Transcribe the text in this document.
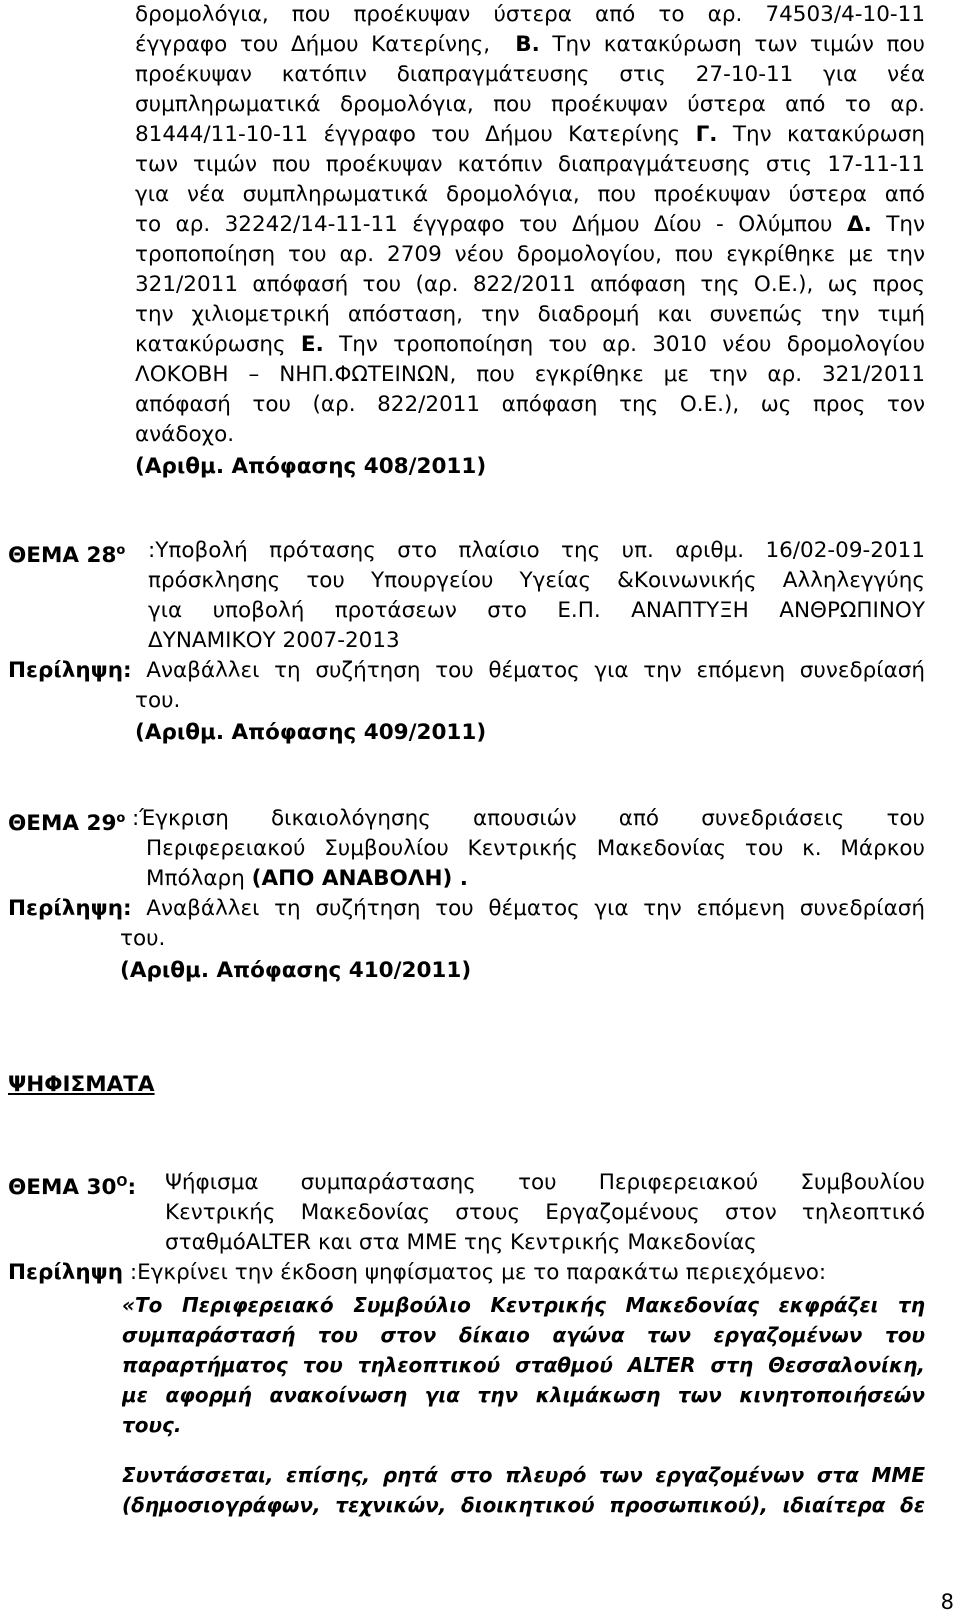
δρομολόγια, που προέκυψαν ύστερα από το αρ. 74503/4-10-11
έγγραφο του Δήμου Κατερίνης, Β. Την κατακύρωση των τιμών που
προέκυψαν κατόπιν διαπραγμάτευσης στις 27-10-11 για νέα
συμπληρωματικά δρομολόγια, που προέκυψαν ύστερα από το αρ.
81444/11-10-11 έγγραφο του Δήμου Κατερίνης Γ. Την κατακύρωση
των τιμών που προέκυψαν κατόπιν διαπραγμάτευσης στις 17-11-11
για νέα συμπληρωματικά δρομολόγια, που προέκυψαν ύστερα από
το αρ. 32242/14-11-11 έγγραφο του Δήμου Δίου - Ολύμπου Δ. Την
τροποποίηση του αρ. 2709 νέου δρομολογίου, που εγκρίθηκε με την
321/2011 απόφασή του (αρ. 822/2011 απόφαση της Ο.Ε.), ως προς
την χιλιομετρική απόσταση, την διαδρομή και συνεπώς την τιμή
κατακύρωσης Ε. Την τροποποίηση του αρ. 3010 νέου δρομολογίου
ΛΟΚΟΒΗ – ΝΗΠ.ΦΩΤΕΙΝΩΝ, που εγκρίθηκε με την αρ. 321/2011
απόφασή του (αρ. 822/2011 απόφαση της Ο.Ε.), ως προς τον
ανάδοχο.
(Αριθμ. Απόφασης 408/2011)
ΘΕΜΑ $28^o$ :Υποβολή πρότασης στο πλαίσιο της υπ. αριθμ. 16/02-09-2011
πρόσκλησης του Υπουργείου Υγείας &Κοινωνικής Αλληλεγγύης
για υποβολή προτάσεων στο Ε.Π. ΑΝΑΠΤΥΞΗ ΑΝΘΡΩΠΙΝΟΥ
ΔΥΝΑΜΙΚΟΥ 2007-2013
Περίληψη: Αναβάλλει τη συζήτηση του θέματος για την επόμενη συνεδρίασή
του.
(Αριθμ. Απόφασης 409/2011)
ΘΕΜΑ $29^o$ :Έγκριση δικαιολόγησης απουσιών από συνεδριάσεις του
Περιφερειακού Συμβουλίου Κεντρικής Μακεδονίας του κ. Μάρκου
Μπόλαρη (ΑΠΟ ΑΝΑΒΟΛΗ) .
Περίληψη: Αναβάλλει τη συζήτηση του θέματος για την επόμενη συνεδρίασή
του.
(Αριθμ. Απόφασης 410/2011)
ΨΗΦΙΣΜΑΤΑ
ΘΕΜΑ $30^O$: Ψήφισμα συμπαράστασης του Περιφερειακού Συμβουλίου
Κεντρικής Μακεδονίας στους Εργαζομένους στον τηλεοπτικό
σταθμόALTER και στα ΜΜΕ της Κεντρικής Μακεδονίας
Περίληψη :Εγκρίνει την έκδοση ψηφίσματος με το παρακάτω περιεχόμενο:
«Το Περιφερειακό Συμβούλιο Κεντρικής Μακεδονίας εκφράζει τη
συμπαράστασή του στον δίκαιο αγώνα των εργαζομένων του
παραρτήματος του τηλεοπτικού σταθμού ALTER στη Θεσσαλονίκη,
με αφορμή ανακοίνωση για την κλιμάκωση των κινητοποιήσεών
τους.
Συντάσσεται, επίσης, ρητά στο πλευρό των εργαζομένων στα ΜΜΕ
(δημοσιογράφων, τεχνικών, διοικητικού προσωπικού), ιδιαίτερα δε
8
